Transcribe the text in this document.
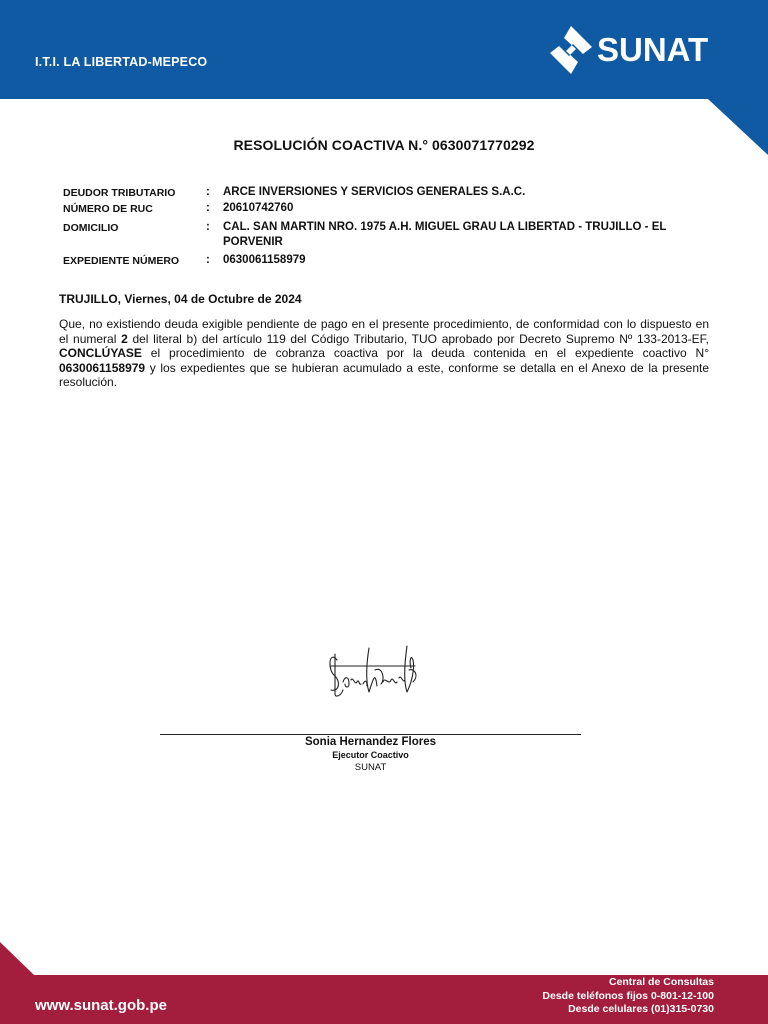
I.T.I. LA LIBERTAD-MEPECO	SUNAT
RESOLUCIÓN COACTIVA N.° 0630071770292
DEUDOR TRIBUTARIO	:	ARCE INVERSIONES Y SERVICIOS GENERALES S.A.C.
NÚMERO DE RUC	:	20610742760
DOMICILIO	:	CAL. SAN MARTIN NRO. 1975 A.H. MIGUEL GRAU LA LIBERTAD - TRUJILLO - EL PORVENIR
EXPEDIENTE NÚMERO	:	0630061158979
TRUJILLO, Viernes, 04 de Octubre de 2024

Que, no existiendo deuda exigible pendiente de pago en el presente procedimiento, de conformidad con lo dispuesto en el numeral 2 del literal b) del artículo 119 del Código Tributario, TUO aprobado por Decreto Supremo Nº 133-2013-EF, CONCLÚYASE el procedimiento de cobranza coactiva por la deuda contenida en el expediente coactivo N° 0630061158979 y los expedientes que se hubieran acumulado a este, conforme se detalla en el Anexo de la presente resolución.

Sonia Hernandez Flores
Ejecutor Coactivo
SUNAT
www.sunat.gob.pe
Central de Consultas
Desde teléfonos fijos 0-801-12-100
Desde celulares (01)315-0730
